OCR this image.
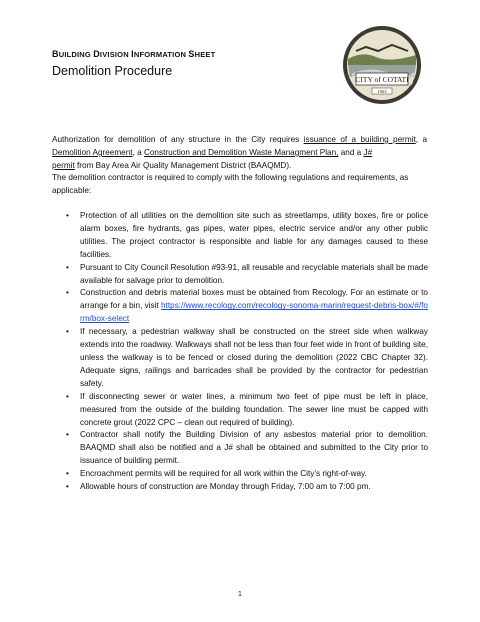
BUILDING DIVISION INFORMATION SHEET
Demolition Procedure
CITY of COTATI
1963
Authorization for demolition of any structure in the City requires issuance of a building permit, a Demolition Agreement, a Construction and Demolition Waste Managment Plan, and a J#
permit from Bay Area Air Quality Management District (BAAQMD).
The demolition contractor is required to comply with the following regulations and requirements, as applicable:
• Protection of all utilities on the demolition site such as streetlamps, utility boxes, fire or police alarm boxes, fire hydrants, gas pipes, water pipes, electric service and/or any other public utilities. The project contractor is responsible and liable for any damages caused to these facilities.
• Pursuant to City Council Resolution #93-91, all reusable and recyclable materials shall be made available for salvage prior to demolition.
• Construction and debris material boxes must be obtained from Recology. For an estimate or to arrange for a bin, visit https://www.recology.com/recology-sonoma-marin/request-debris-box/#/form/box-select
• If necessary, a pedestrian walkway shall be constructed on the street side when walkway extends into the roadway. Walkways shall not be less than four feet wide in front of building site, unless the walkway is to be fenced or closed during the demolition (2022 CBC Chapter 32). Adequate signs, railings and barricades shall be provided by the contractor for pedestrian safety.
• If disconnecting sewer or water lines, a minimum two feet of pipe must be left in place, measured from the outside of the building foundation. The sewer line must be capped with concrete grout (2022 CPC – clean out required of building).
• Contractor shall notify the Building Division of any asbestos material prior to demolition. BAAQMD shall also be notified and a J# shall be obtained and submitted to the City prior to issuance of building permit.
• Encroachment permits will be required for all work within the City’s right-of-way.
• Allowable hours of construction are Monday through Friday, 7:00 am to 7:00 pm.
1
